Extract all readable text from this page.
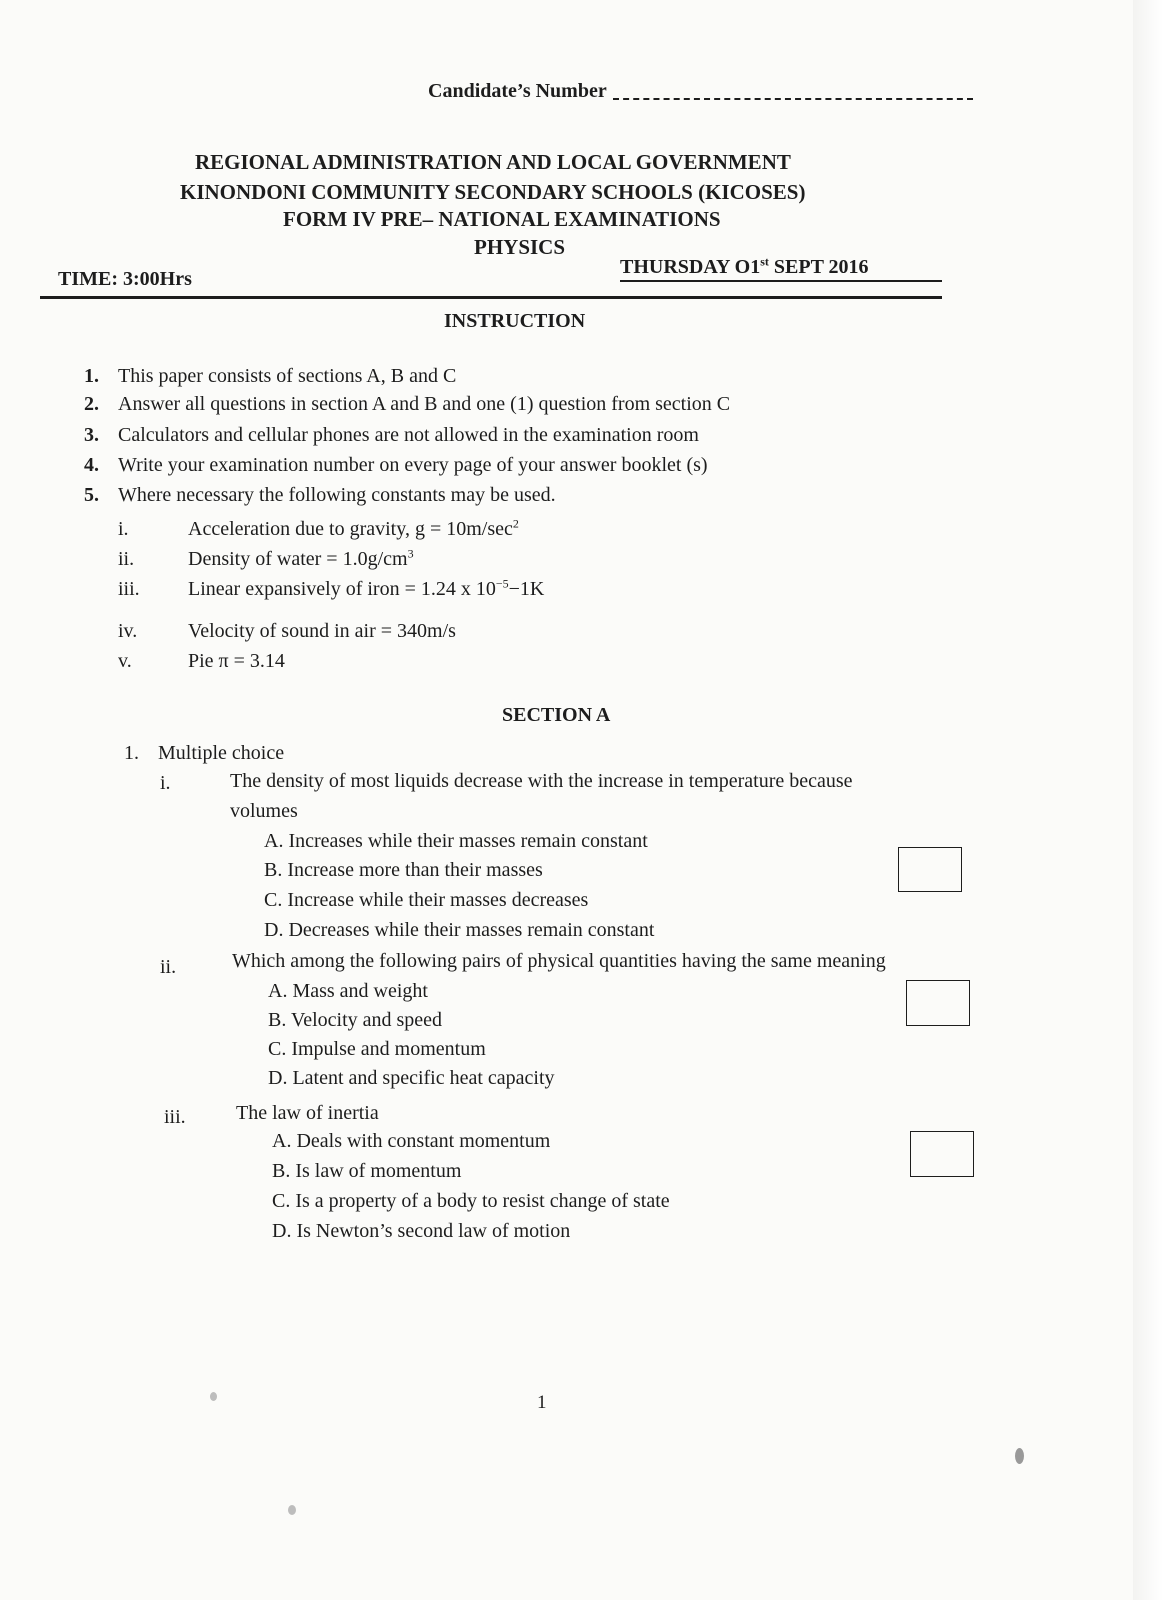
Candidate’s Number
REGIONAL ADMINISTRATION AND LOCAL GOVERNMENT
KINONDONI COMMUNITY SECONDARY SCHOOLS (KICOSES)
FORM IV PRE– NATIONAL EXAMINATIONS
PHYSICS
TIME: 3:00Hrs
THURSDAY O1st SEPT 2016
INSTRUCTION
1. This paper consists of sections A, B and C
2. Answer all questions in section A and B and one (1) question from section C
3. Calculators and cellular phones are not allowed in the examination room
4. Write your examination number on every page of your answer booklet (s)
5. Where necessary the following constants may be used.
i.	Acceleration due to gravity, $g = 10m/\sec^2$
ii.	Density of water = $1.0g/cm^3$
iii. Linear expansively of iron = 1.24 x $10^{-5}-1K$
iv.	Velocity of sound in air = 340m/s
v.	Pie π = 3.14
SECTION A
1. Multiple choice
i.	The density of most liquids decrease with the increase in temperature because
volumes
A. Increases while their masses remain constant
B. Increase more than their masses
C. Increase while their masses decreases
D. Decreases while their masses remain constant
ii.	Which among the following pairs of physical quantities having the same meaning
A. Mass and weight
B. Velocity and speed
C. Impulse and momentum
D. Latent and specific heat capacity
iii.	The law of inertia
A. Deals with constant momentum
B. Is law of momentum
C. Is a property of a body to resist change of state
D. Is Newton’s second law of motion
1
